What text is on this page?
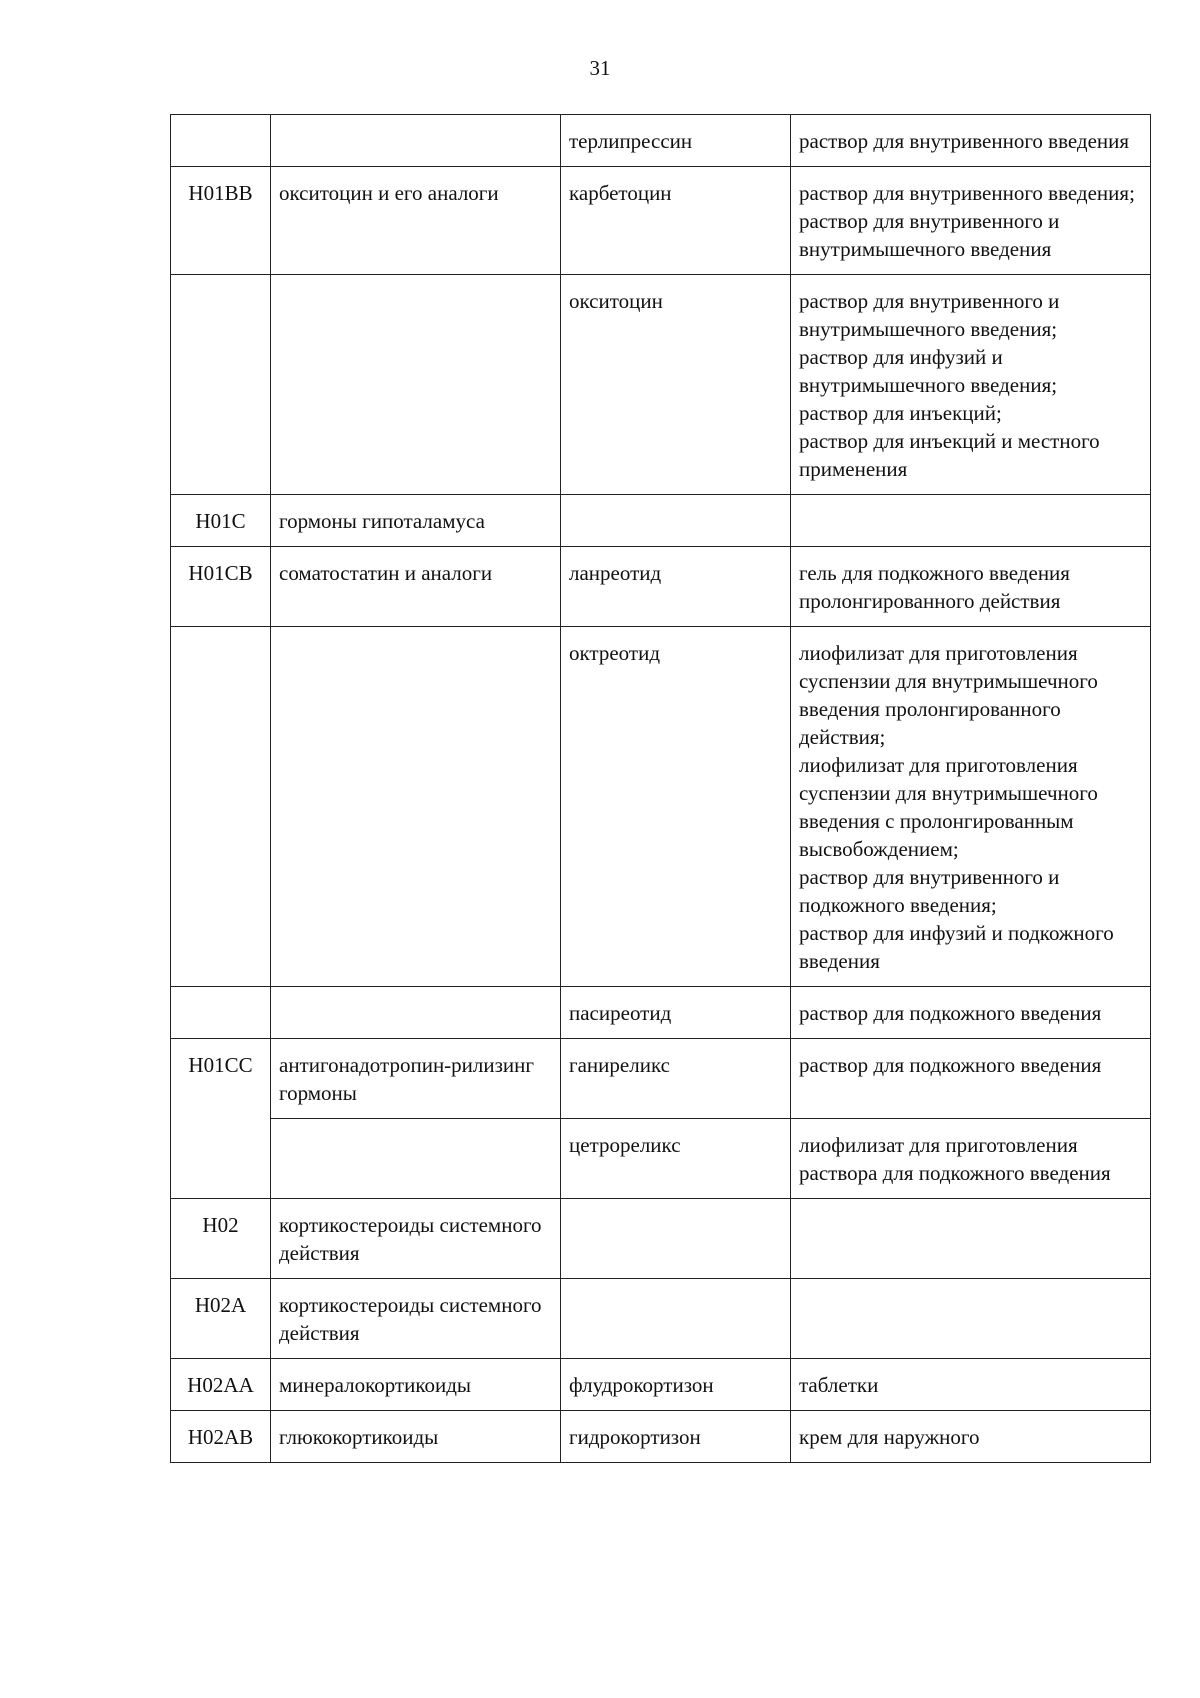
31
		терлипрессин	раствор для внутривенного введения

H01BB	окситоцин и его аналоги	карбетоцин	раствор для внутривенного введения;
раствор для внутривенного и внутримышечного введения

		окситоцин	раствор для внутривенного и внутримышечного введения;
раствор для инфузий и внутримышечного введения;
раствор для инъекций;
раствор для инъекций и местного применения

H01C	гормоны гипоталамуса		
H01CB	соматостатин и аналоги	ланреотид	гель для подкожного введения пролонгированного действия

		октреотид	лиофилизат для приготовления суспензии для внутримышечного введения пролонгированного действия;
лиофилизат для приготовления суспензии для внутримышечного введения с пролонгированным высвобождением;
раствор для внутривенного и подкожного введения;
раствор для инфузий и подкожного введения

		пасиреотид	раствор для подкожного введения

H01CC	антигонадотропин-рилизинг гормоны	ганиреликс	раствор для подкожного введения

		цетрореликс	лиофилизат для приготовления раствора для подкожного введения

H02	кортикостероиды системного действия		
H02A	кортикостероиды системного действия		
H02AA	минералокортикоиды	флудрокортизон	таблетки

H02AB	глюкокортикоиды	гидрокортизон	крем для наружного
